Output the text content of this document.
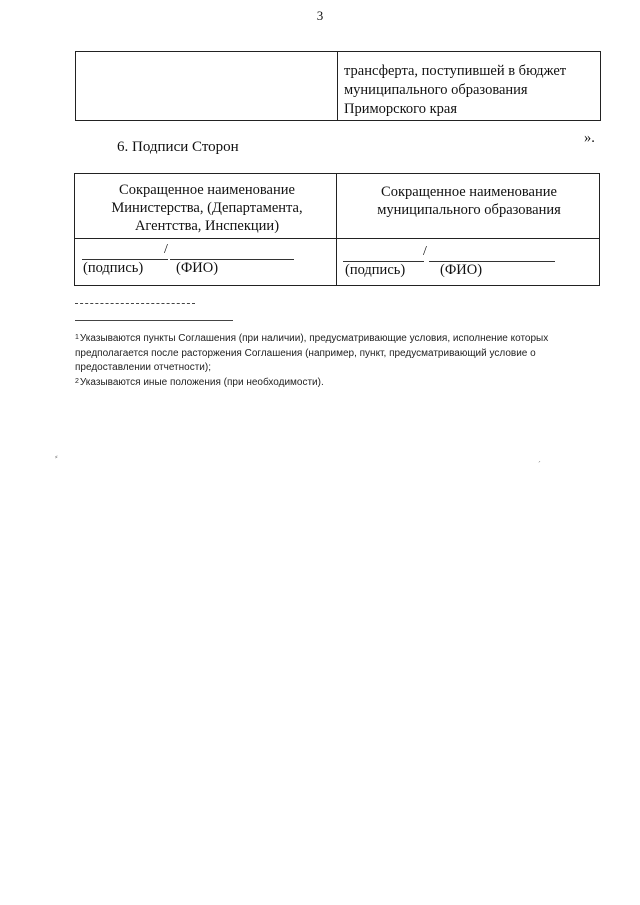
3
трансферта, поступившей в бюджет
муниципального образования
Приморского края
».
6. Подписи Сторон
Сокращенное наименование
Министерства, (Департамента,
Агентства, Инспекции)
Сокращенное наименование
муниципального образования
/
(подпись) (ФИО)
/
(подпись) (ФИО)

$^1$Указываются пункты Соглашения (при наличии), предусматривающие условия, исполнение которых предполагается после расторжения Соглашения (например, пункт, предусматривающий условие о предоставлении отчетности);

$^2$Указываются иные положения (при необходимости).

⸗
ˊ
